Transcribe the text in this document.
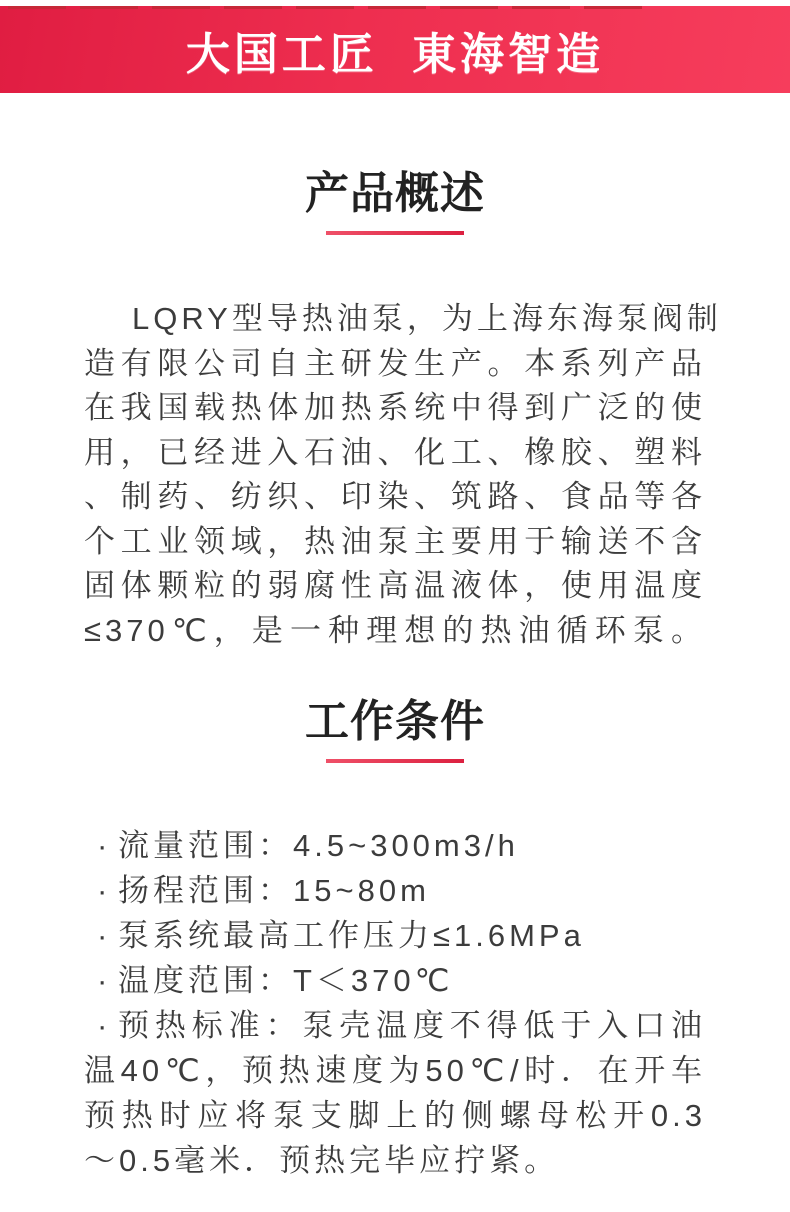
大国工匠 東海智造
产品概述
LQRY型导热油泵，为上海东海泵阀制
造有限公司自主研发生产。本系列产品
在我国载热体加热系统中得到广泛的使
用，已经进入石油、化工、橡胶、塑料
、制药、纺织、印染、筑路、食品等各
个工业领域，热油泵主要用于输送不含
固体颗粒的弱腐性高温液体，使用温度
≤370℃，是一种理想的热油循环泵。
工作条件
· 流量范围：4.5~300m3/h
· 扬程范围：15~80m
· 泵系统最高工作压力≤1.6MPa
· 温度范围：T＜370℃
· 预热标准：泵壳温度不得低于入口油
温40℃，预热速度为50℃/时．在开车
预热时应将泵支脚上的侧螺母松开0.3
～0.5毫米．预热完毕应拧紧。
